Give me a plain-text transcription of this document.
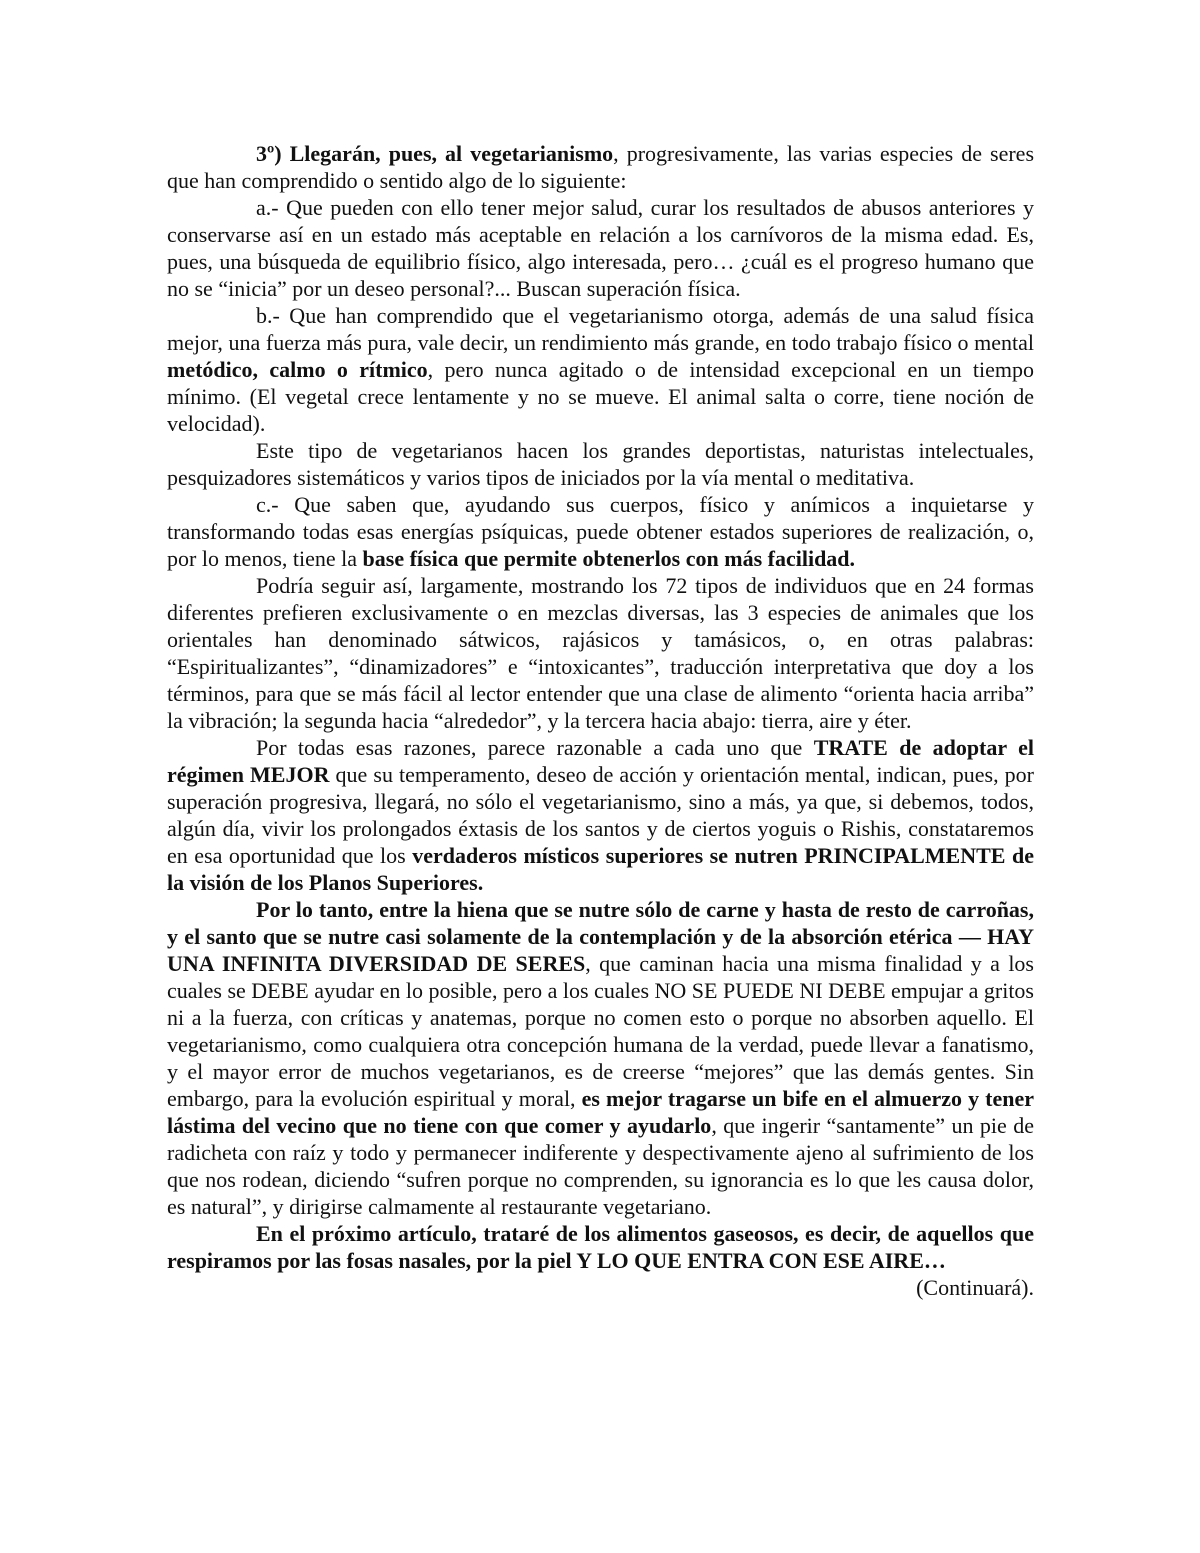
3º) Llegarán, pues, al vegetarianismo, progresivamente, las varias especies de seres que han comprendido o sentido algo de lo siguiente:

a.- Que pueden con ello tener mejor salud, curar los resultados de abusos anteriores y conservarse así en un estado más aceptable en relación a los carnívoros de la misma edad. Es, pues, una búsqueda de equilibrio físico, algo interesada, pero… ¿cuál es el progreso humano que no se “inicia” por un deseo personal?... Buscan superación física.

b.- Que han comprendido que el vegetarianismo otorga, además de una salud física mejor, una fuerza más pura, vale decir, un rendimiento más grande, en todo trabajo físico o mental metódico, calmo o rítmico, pero nunca agitado o de intensidad excepcional en un tiempo mínimo. (El vegetal crece lentamente y no se mueve. El animal salta o corre, tiene noción de velocidad).

Este tipo de vegetarianos hacen los grandes deportistas, naturistas intelectuales, pesquizadores sistemáticos y varios tipos de iniciados por la vía mental o meditativa.

c.- Que saben que, ayudando sus cuerpos, físico y anímicos a inquietarse y transformando todas esas energías psíquicas, puede obtener estados superiores de realización, o, por lo menos, tiene la base física que permite obtenerlos con más facilidad.

Podría seguir así, largamente, mostrando los 72 tipos de individuos que en 24 formas diferentes prefieren exclusivamente o en mezclas diversas, las 3 especies de animales que los orientales han denominado sátwicos, rajásicos y tamásicos, o, en otras palabras: “Espiritualizantes”, “dinamizadores” e “intoxicantes”, traducción interpretativa que doy a los términos, para que se más fácil al lector entender que una clase de alimento “orienta hacia arriba” la vibración; la segunda hacia “alrededor”, y la tercera hacia abajo: tierra, aire y éter.

Por todas esas razones, parece razonable a cada uno que TRATE de adoptar el régimen MEJOR que su temperamento, deseo de acción y orientación mental, indican, pues, por superación progresiva, llegará, no sólo el vegetarianismo, sino a más, ya que, si debemos, todos, algún día, vivir los prolongados éxtasis de los santos y de ciertos yoguis o Rishis, constataremos en esa oportunidad que los verdaderos místicos superiores se nutren PRINCIPALMENTE de la visión de los Planos Superiores.

Por lo tanto, entre la hiena que se nutre sólo de carne y hasta de resto de carroñas, y el santo que se nutre casi solamente de la contemplación y de la absorción etérica — HAY UNA INFINITA DIVERSIDAD DE SERES, que caminan hacia una misma finalidad y a los cuales se DEBE ayudar en lo posible, pero a los cuales NO SE PUEDE NI DEBE empujar a gritos ni a la fuerza, con críticas y anatemas, porque no comen esto o porque no absorben aquello. El vegetarianismo, como cualquiera otra concepción humana de la verdad, puede llevar a fanatismo, y el mayor error de muchos vegetarianos, es de creerse “mejores” que las demás gentes. Sin embargo, para la evolución espiritual y moral, es mejor tragarse un bife en el almuerzo y tener lástima del vecino que no tiene con que comer y ayudarlo, que ingerir “santamente” un pie de radicheta con raíz y todo y permanecer indiferente y despectivamente ajeno al sufrimiento de los que nos rodean, diciendo “sufren porque no comprenden, su ignorancia es lo que les causa dolor, es natural”, y dirigirse calmamente al restaurante vegetariano.

En el próximo artículo, trataré de los alimentos gaseosos, es decir, de aquellos que respiramos por las fosas nasales, por la piel Y LO QUE ENTRA CON ESE AIRE…

(Continuará).
